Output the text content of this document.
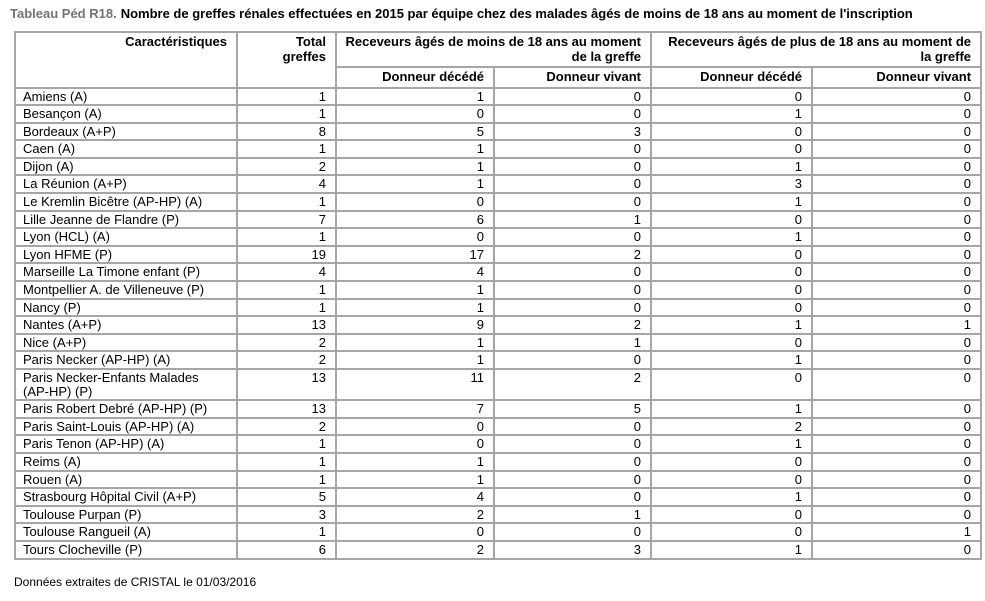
Tableau Péd R18. Nombre de greffes rénales effectuées en 2015 par équipe chez des malades âgés de moins de 18 ans au moment de l'inscription
Caractéristiques	Total greffes	Receveurs âgés de moins de 18 ans au moment de la greffe		Receveurs âgés de plus de 18 ans au moment de la greffe	
		Donneur décédé	Donneur vivant	Donneur décédé	Donneur vivant
Amiens (A)	1	1	0	0	0
Besançon (A)	1	0	0	1	0
Bordeaux (A+P)	8	5	3	0	0
Caen (A)	1	1	0	0	0
Dijon (A)	2	1	0	1	0
La Réunion (A+P)	4	1	0	3	0
Le Kremlin Bicêtre (AP-HP) (A)	1	0	0	1	0
Lille Jeanne de Flandre (P)	7	6	1	0	0
Lyon (HCL) (A)	1	0	0	1	0
Lyon HFME (P)	19	17	2	0	0
Marseille La Timone enfant (P)	4	4	0	0	0
Montpellier A. de Villeneuve (P)	1	1	0	0	0
Nancy (P)	1	1	0	0	0
Nantes (A+P)	13	9	2	1	1
Nice (A+P)	2	1	1	0	0
Paris Necker (AP-HP) (A)	2	1	0	1	0
Paris Necker-Enfants Malades (AP-HP) (P)	13	11	2	0	0
Paris Robert Debré (AP-HP) (P)	13	7	5	1	0
Paris Saint-Louis (AP-HP) (A)	2	0	0	2	0
Paris Tenon (AP-HP) (A)	1	0	0	1	0
Reims (A)	1	1	0	0	0
Rouen (A)	1	1	0	0	0
Strasbourg Hôpital Civil (A+P)	5	4	0	1	0
Toulouse Purpan (P)	3	2	1	0	0
Toulouse Rangueil (A)	1	0	0	0	1
Tours Clocheville (P)	6	2	3	1	0
Données extraites de CRISTAL le 01/03/2016
